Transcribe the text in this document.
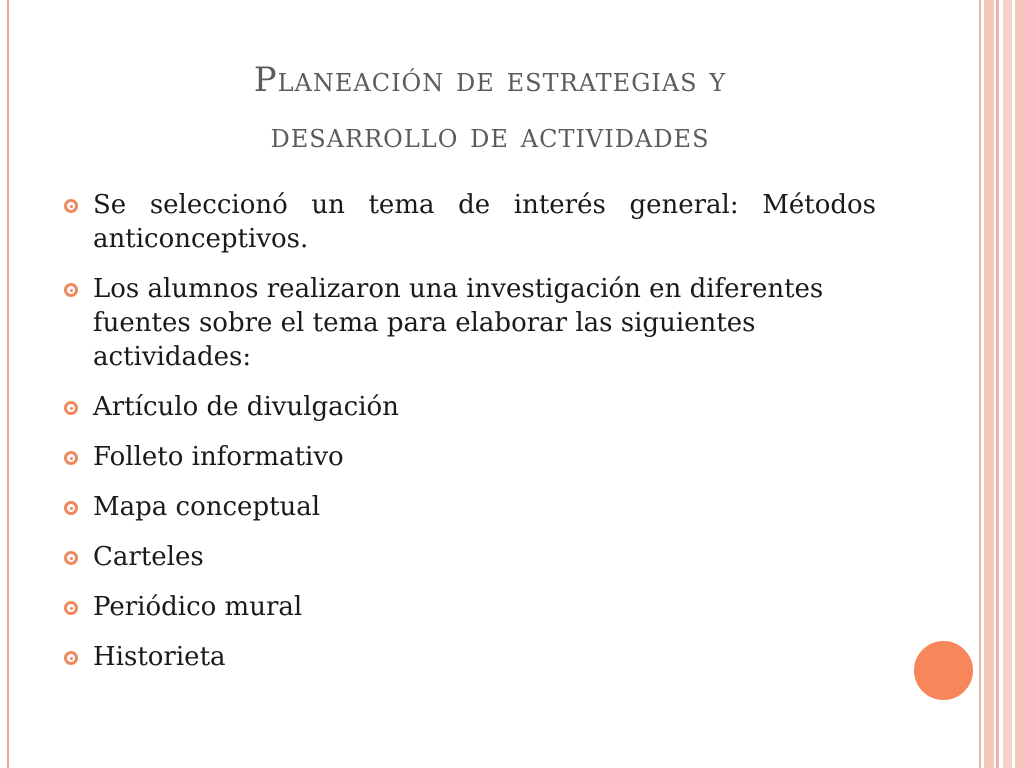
Planeación de estrategias y
desarrollo de actividades
Se seleccionó un tema de interés general: Métodos anticonceptivos.
Los alumnos realizaron una investigación en diferentes fuentes sobre el tema para elaborar las siguientes actividades:
Artículo de divulgación
Folleto informativo
Mapa conceptual
Carteles
Periódico mural
Historieta
